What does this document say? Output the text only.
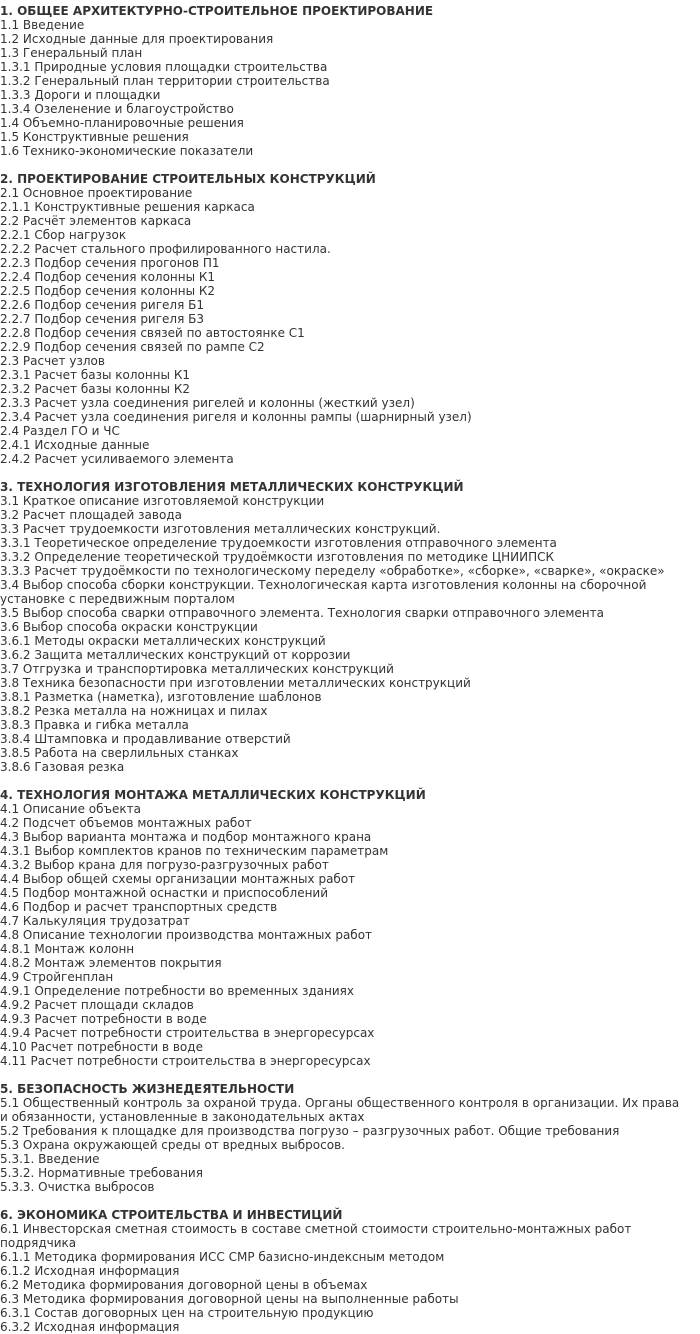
1. ОБЩЕЕ АРХИТЕКТУРНО-СТРОИТЕЛЬНОЕ ПРОЕКТИРОВАНИЕ
1.1 Введение
1.2 Исходные данные для проектирования
1.3 Генеральный план
1.3.1 Природные условия площадки строительства
1.3.2 Генеральный план территории строительства
1.3.3 Дороги и площадки
1.3.4 Озеленение и благоустройство
1.4 Объемно-планировочные решения
1.5 Конструктивные решения
1.6 Технико-экономические показатели
2. ПРОЕКТИРОВАНИЕ СТРОИТЕЛЬНЫХ КОНСТРУКЦИЙ
2.1 Основное проектирование
2.1.1 Конструктивные решения каркаса
2.2 Расчёт элементов каркаса
2.2.1 Сбор нагрузок
2.2.2 Расчет стального профилированного настила.
2.2.3 Подбор сечения прогонов П1
2.2.4 Подбор сечения колонны К1
2.2.5 Подбор сечения колонны К2
2.2.6 Подбор сечения ригеля Б1
2.2.7 Подбор сечения ригеля Б3
2.2.8 Подбор сечения связей по автостоянке С1
2.2.9 Подбор сечения связей по рампе С2
2.3 Расчет узлов
2.3.1 Расчет базы колонны К1
2.3.2 Расчет базы колонны К2
2.3.3 Расчет узла соединения ригелей и колонны (жесткий узел)
2.3.4 Расчет узла соединения ригеля и колонны рампы (шарнирный узел)
2.4 Раздел ГО и ЧС
2.4.1 Исходные данные
2.4.2 Расчет усиливаемого элемента
3. ТЕХНОЛОГИЯ ИЗГОТОВЛЕНИЯ МЕТАЛЛИЧЕСКИХ КОНСТРУКЦИЙ
3.1 Краткое описание изготовляемой конструкции
3.2 Расчет площадей завода
3.3 Расчет трудоемкости изготовления металлических конструкций.
3.3.1 Теоретическое определение трудоемкости изготовления отправочного элемента
3.3.2 Определение теоретической трудоёмкости изготовления по методике ЦНИИПСК
3.3.3 Расчет трудоёмкости по технологическому переделу «обработке», «сборке», «сварке», «окраске»
3.4 Выбор способа сборки конструкции. Технологическая карта изготовления колонны на сборочной установке с передвижным порталом
3.5 Выбор способа сварки отправочного элемента. Технология сварки отправочного элемента
3.6 Выбор способа окраски конструкции
3.6.1 Методы окраски металлических конструкций
3.6.2 Защита металлических конструкций от коррозии
3.7 Отгрузка и транспортировка металлических конструкций
3.8 Техника безопасности при изготовлении металлических конструкций
3.8.1 Разметка (наметка), изготовление шаблонов
3.8.2 Резка металла на ножницах и пилах
3.8.3 Правка и гибка металла
3.8.4 Штамповка и продавливание отверстий
3.8.5 Работа на сверлильных станках
3.8.6 Газовая резка
4. ТЕХНОЛОГИЯ МОНТАЖА МЕТАЛЛИЧЕСКИХ КОНСТРУКЦИЙ
4.1 Описание объекта
4.2 Подсчет объемов монтажных работ
4.3 Выбор варианта монтажа и подбор монтажного крана
4.3.1 Выбор комплектов кранов по техническим параметрам
4.3.2 Выбор крана для погрузо-разгрузочных работ
4.4 Выбор общей схемы организации монтажных работ
4.5 Подбор монтажной оснастки и приспособлений
4.6 Подбор и расчет транспортных средств
4.7 Калькуляция трудозатрат
4.8 Описание технологии производства монтажных работ
4.8.1 Монтаж колонн
4.8.2 Монтаж элементов покрытия
4.9 Стройгенплан
4.9.1 Определение потребности во временных зданиях
4.9.2 Расчет площади складов
4.9.3 Расчет потребности в воде
4.9.4 Расчет потребности строительства в энергоресурсах
4.10 Расчет потребности в воде
4.11 Расчет потребности строительства в энергоресурсах
5. БЕЗОПАСНОСТЬ ЖИЗНЕДЕЯТЕЛЬНОСТИ
5.1 Общественный контроль за охраной труда. Органы общественного контроля в организации. Их права и обязанности, установленные в законодательных актах
5.2 Требования к площадке для производства погрузо – разгрузочных работ. Общие требования
5.3 Охрана окружающей среды от вредных выбросов.
5.3.1. Введение
5.3.2. Нормативные требования
5.3.3. Очистка выбросов
6. ЭКОНОМИКА СТРОИТЕЛЬСТВА И ИНВЕСТИЦИЙ
6.1 Инвесторская сметная стоимость в составе сметной стоимости строительно-монтажных работ подрядчика
6.1.1 Методика формирования ИСС СМР базисно-индексным методом
6.1.2 Исходная информация
6.2 Методика формирования договорной цены в объемах
6.3 Методика формирования договорной цены на выполненные работы
6.3.1 Состав договорных цен на строительную продукцию
6.3.2 Исходная информация
